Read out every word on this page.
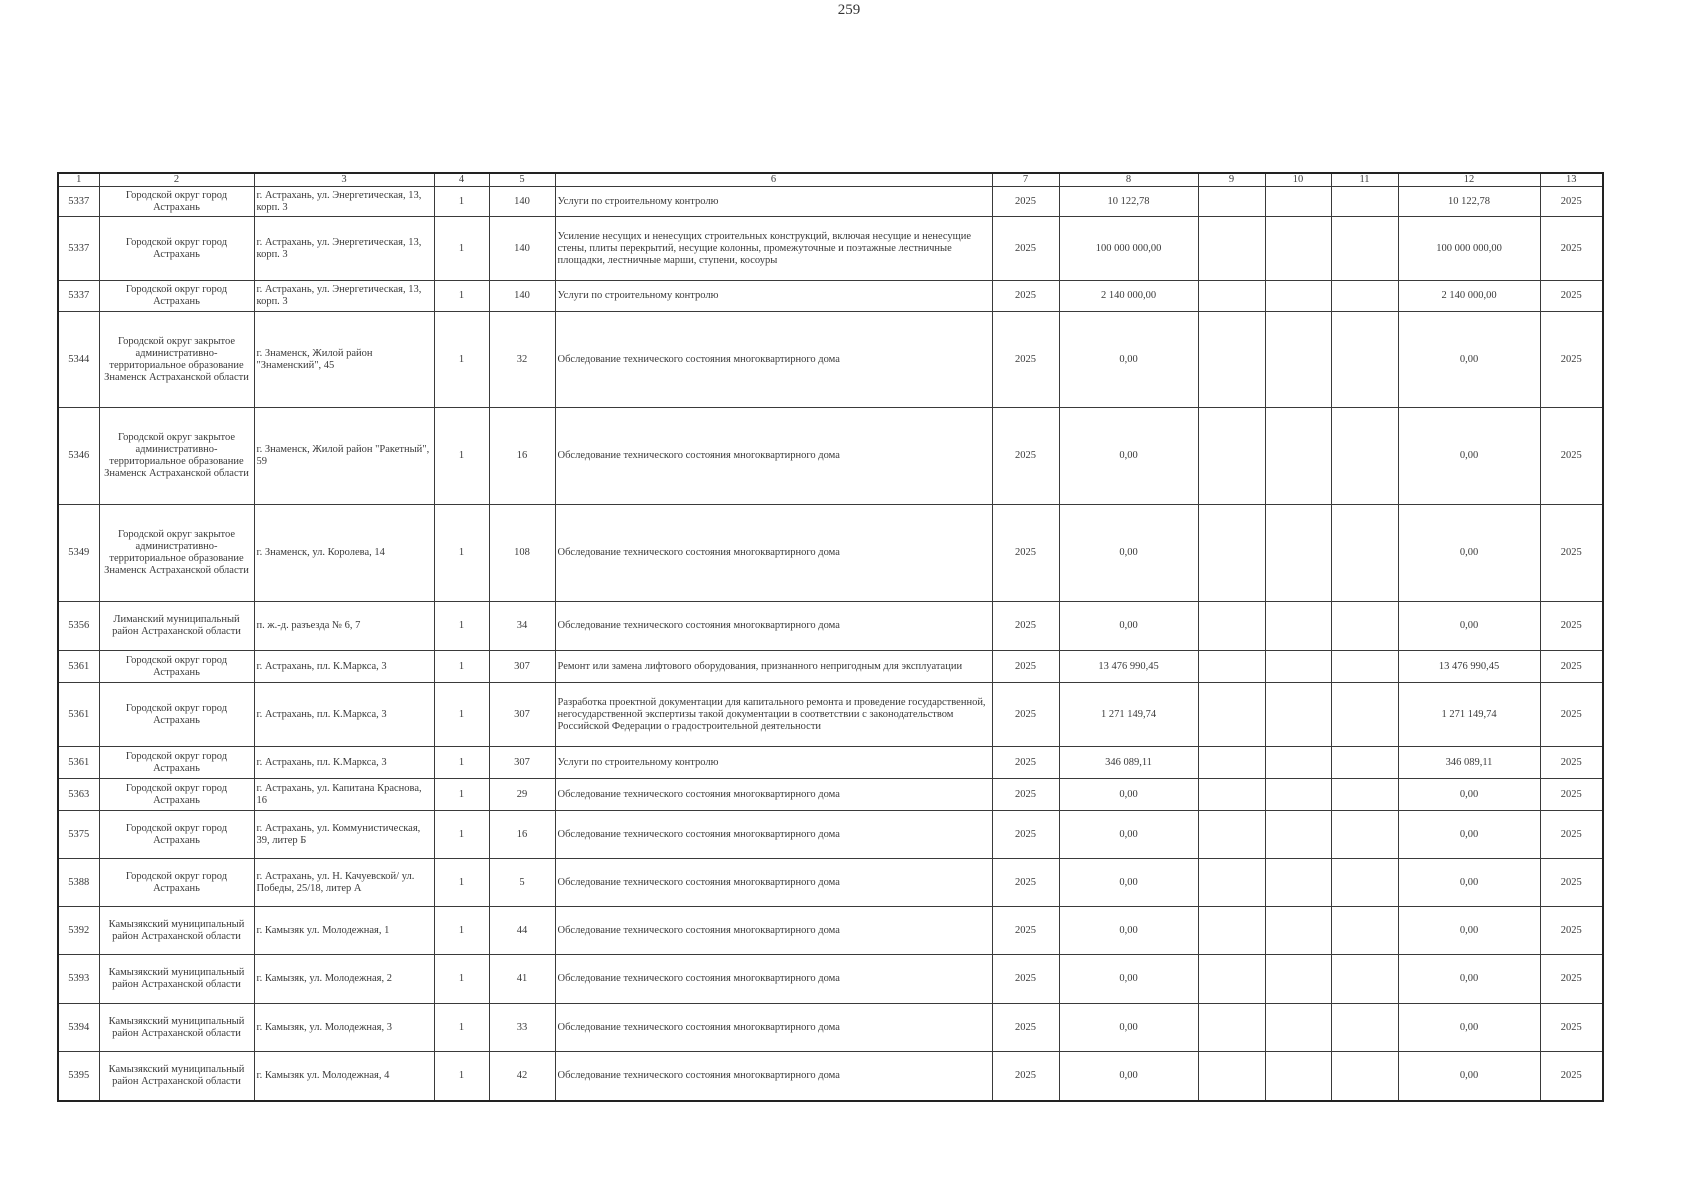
259
1	2	3	4	5	6	7	8	9	10	11	12	13
5337	Городской округ город Астрахань	г. Астрахань, ул. Энергетическая, 13, корп. 3	1	140	Услуги по строительному контролю	2025	10 122,78				10 122,78	2025
5337	Городской округ город Астрахань	г. Астрахань, ул. Энергетическая, 13, корп. 3	1	140	Усиление несущих и ненесущих строительных конструкций, включая несущие и ненесущие стены, плиты перекрытий, несущие колонны, промежуточные и поэтажные лестничные площадки, лестничные марши, ступени, косоуры	2025	100 000 000,00				100 000 000,00	2025
5337	Городской округ город Астрахань	г. Астрахань, ул. Энергетическая, 13, корп. 3	1	140	Услуги по строительному контролю	2025	2 140 000,00				2 140 000,00	2025
5344	Городской округ закрытое административно-территориальное образование Знаменск Астраханской области	г. Знаменск, Жилой район "Знаменский", 45	1	32	Обследование технического состояния многоквартирного дома	2025	0,00				0,00	2025
5346	Городской округ закрытое административно-территориальное образование Знаменск Астраханской области	г. Знаменск, Жилой район "Ракетный", 59	1	16	Обследование технического состояния многоквартирного дома	2025	0,00				0,00	2025
5349	Городской округ закрытое административно-территориальное образование Знаменск Астраханской области	г. Знаменск, ул. Королева, 14	1	108	Обследование технического состояния многоквартирного дома	2025	0,00				0,00	2025
5356	Лиманский муниципальный район Астраханской области	п. ж.-д. разъезда № 6, 7	1	34	Обследование технического состояния многоквартирного дома	2025	0,00				0,00	2025
5361	Городской округ город Астрахань	г. Астрахань, пл. К.Маркса, 3	1	307	Ремонт или замена лифтового оборудования, признанного непригодным для эксплуатации	2025	13 476 990,45				13 476 990,45	2025
5361	Городской округ город Астрахань	г. Астрахань, пл. К.Маркса, 3	1	307	Разработка проектной документации для капитального ремонта и проведение государственной, негосударственной экспертизы такой документации в соответствии с законодательством Российской Федерации о градостроительной деятельности	2025	1 271 149,74				1 271 149,74	2025
5361	Городской округ город Астрахань	г. Астрахань, пл. К.Маркса, 3	1	307	Услуги по строительному контролю	2025	346 089,11				346 089,11	2025
5363	Городской округ город Астрахань	г. Астрахань, ул. Капитана Краснова, 16	1	29	Обследование технического состояния многоквартирного дома	2025	0,00				0,00	2025
5375	Городской округ город Астрахань	г. Астрахань, ул. Коммунистическая, 39, литер Б	1	16	Обследование технического состояния многоквартирного дома	2025	0,00				0,00	2025
5388	Городской округ город Астрахань	г. Астрахань, ул. Н. Качуевской/ ул. Победы, 25/18, литер А	1	5	Обследование технического состояния многоквартирного дома	2025	0,00				0,00	2025
5392	Камызякский муниципальный район Астраханской области	г. Камызяк ул. Молодежная, 1	1	44	Обследование технического состояния многоквартирного дома	2025	0,00				0,00	2025
5393	Камызякский муниципальный район Астраханской области	г. Камызяк, ул. Молодежная, 2	1	41	Обследование технического состояния многоквартирного дома	2025	0,00				0,00	2025
5394	Камызякский муниципальный район Астраханской области	г. Камызяк, ул. Молодежная, 3	1	33	Обследование технического состояния многоквартирного дома	2025	0,00				0,00	2025
5395	Камызякский муниципальный район Астраханской области	г. Камызяк ул. Молодежная, 4	1	42	Обследование технического состояния многоквартирного дома	2025	0,00				0,00	2025
